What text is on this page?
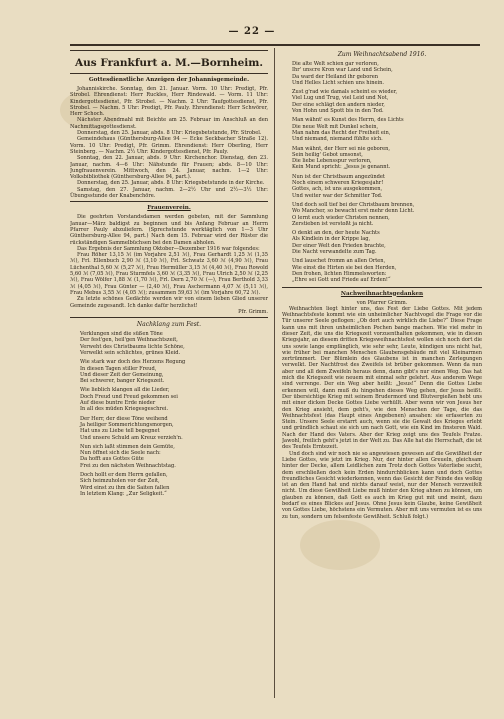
— 22 —
Aus Frankfurt a. M.—Bornheim.
Gottesdienstliche Anzeigen der Johannisgemeinde.

Johanniskirche. Sonntag, den 21. Januar. Vorm. 10 Uhr: Predigt, Pfr. Strobel. Ehrendienst: Herr Ruckles, Herr Rindewald. — Vorm. 11 Uhr: Kindergottesdienst, Pfr. Strobel. — Nachm. 2 Uhr: Taufgottesdienst, Pfr. Strobel. — Nachm. 5 Uhr: Predigt, Pfr. Pauly. Ehrendienst: Herr Schwörer, Herr Schoch.

Nächster Abendmahl mit Beichte am 25. Februar im Anschluß an den Nachmittagsgottesdienst.

Donnerstag, den 25. Januar, abds. 8 Uhr: Kriegsbetstunde, Pfr. Strobel.

Gemeindehaus (Günthersburg-Allee 94 — Ecke Seckbacher Straße 12). Vorm. 10 Uhr: Predigt, Pfr. Grimm. Ehrendienst: Herr Oberling, Herr Steinberg. — Nachm. 2½ Uhr: Kindergottesdienst, Pfr. Pauly.

Sonntag, den 22. Januar, abds. 9 Uhr: Kirchenchor. Dienstag, den 23. Januar, nachm. 4—6 Uhr: Nähstunde für Frauen; abds. 8—10 Uhr: Jungfrauenverein. Mittwoch, den 24. Januar, nachm. 1—2 Uhr: Volksbibliothek (Günthersburg-Allee 94, part.).

Donnerstag, den 25. Januar, abds. 8 Uhr: Kriegsbetstunde in der Kirche.

Samstag, den 27. Januar, nachm. 2—2½ Uhr und 2½—3½ Uhr: Übungsstunde der Knabenchöre.

Frauenverein.

Die geehrten Vorstandsdamen werden gebeten, mit der Sammlung Januar—März baldigst zu beginnen und bis Anfang Februar an Herrn Pfarrer Pauly abzuliefern. (Sprechstunde werktäglich von 1—3 Uhr Günthersburg-Allee 94, part.) Nach dem 15. Februar wird der Rüster die rückständigen Sammelbüchsen bei den Damen abholen.

Das Ergebnis der Sammlung Oktober—Dezember 1916 war folgendes:

Frau Röher 13,15 ℳ (im Vorjahre 2,51 ℳ), Frau Gerhardt 1,25 ℳ (1,35 ℳ), Frl. Ellenbuch 2,90 ℳ (3,10 ℳ), Frl. Schwatz 3,60 ℳ (4,90 ℳ), Frau Lüchenthal 5,60 ℳ (5,27 ℳ), Frau Hermüller 3,15 ℳ (4,40 ℳ), Frau Rowold 5,60 ℳ (7,05 ℳ), Frau Sturmfels 3,60 ℳ (3,35 ℳ), Frau Ulrich 2,50 ℳ (2,25 ℳ), Frau Wölfer 1,88 ℳ (1,70 ℳ), Frl. Dern 2,70 ℳ (—), Frau Berthold 3,33 ℳ (4,05 ℳ), Frau Günter — (2,40 ℳ), Frau Aschermann 4,07 ℳ (5,11 ℳ), Frau Mebus 3,55 ℳ (4,05 ℳ); zusammen 59,63 ℳ (im Vorjahre 60,72 ℳ).

Zu letzte schönes Gedächte werden wir von einem lieben Glied unserer Gemeinde zugesandt. Ich danke dafür herzlichst!

Pfr. Grimm.
Nachklang zum Fest.
Verklungen sind die süßen Töne
Der fest'gen, heil'gen Weihnachtszeit,
Verweht des Christbaums lichte Schöne,
Verwelkt sein schlichtes, grünes Kleid.
Wie stark war doch des Herzens Regung
In diesen Tagen stiller Freud,
Und dieser Zeit der Gemeinung,
Bei schwerer, banger Kriegszeit.
Wie lieblich klangen all die Lieder,
Doch Freud und Freud gekommen sei
Auf diese buntre Erde nieder
In all des müden Kriegesgeschrei.
Der Herr, der diese Töne weihend
Ja heiliger Sommerichtungsmorgen,
Hat uns zu Liebe tell begegnet
Und unsere Schuld am Kreuz verzieh'n.
Nun sich laßt stimmen dein Gemüte,
Nun öffnet sich die Seele nach:
Da hofft aus Gottes Güte
Frei zu den nächsten Weihnachtstag.
Doch hollt er dem Herrn gefallen,
Sich heimzuholen vor der Zeit,
Wird einst zu ihm die Saiten fallen
In letztem Klang: „Zur Seligkeit.“
Zum Weihnachtsabend 1916.
Die alte Welt schien gar verloren,
Ihr' unscre Kron war Land und Schein,
Da ward der Heiland ihr geboren
Und Helles Licht schien uns hinein.
Zust g'rad wie damals scheint es wieder,
Viel Lug und Trug, viel Leid und Not,
Der eine schlägt den andern nieder,
Von Hohn und Spott bis in den Tod.
Man wähnt' es Kunst des Herrn, des Lichts
Die neue Welt mit Dunkel schein,
Man nahm das Recht der Freiheit ein,
Und niemand, niemand fühlte sich.
Man wähnt, der Herr sei nie geboren,
Sein heilig' Gebot umsonst,
Die liebe Lebensspur verloren,
Kein Mund spricht: „Jesus je genannt.
Nun ist der Christbaum angezündet
Noch einem schweren Kriegesjahr!
Gottes, ach, ist uns ausgekommen,
Und weiter war der Schmitter Tod.
Und doch soll tief bei der Christbaum brennen,
Wo Mancher, so bewacht erst mehr denn Licht.
O lernt euch wieder Christen nennen,
Zerstieben ist verstoßt ja nicht.
O denkt an den, der heute Nachts
Als Kindlein in der Krippe lag,
Der einer Welt den Frieden brachte,
Die Nacht verwandelte zum Tag.
Und lauschet fromm an allen Orten,
Wie einst die Hirten sie bei den Herden,
Den frohen, lichten Himmelsworten:
„Ehre sei Gott und Friede auf Erden!“
Nachweihnachtsgedanken
von Pfarrer Grimm.

Weihnachten liegt hinter uns, das Fest der Liebe Gottes. Mit jedem Weihnachtsfeste kommt wie ein unheimlicher Nachtvogel die Frage vor die Tür unserer Seele geflogen: „Ob dort auch wirklich die Liebe?“ Diese Frage kann uns mit ihren unheimlichen Pochen bange machen. Wie viel mehr in dieser Zeit, die uns die Kriegszeit vorzuenthalten gekommen, wie in diesen Kriegsjahr, an diesem dritten Kriegsweihnachtsfest wollen sich noch dort die uns sowie lange empfänglich, wie sehr sehr, Leute, kündigen uns nicht hat, wie früher bei manchen Menschen Glaubensgebäude mit viel Kleinarmen zertrümmert. Der Blümlein des Glaubens ist in manchen Zerlegungen verwelkt. Der Nachtfrost des Zweifels ist brüber gekommen. Wenn da nun aber und all dem Zweifeln heraus denn, dann gibt's nur einen Weg. Das hat mich die Kriegszeit wie neuem mit einmal sehr gelehrt. Aus anderem Wege sind verrenge. Der ein Weg aber heißt: „Jesus!“ Denn die Gottes Liebe erkennen will, dann muß du hingehen dieses Weg gehen, der Jesus heißt. Der übersichtige Krieg mit seinem Brudermord und Blutvergießen hebt uns mit einer dicken Decke Gottes Liebe verhüllt. Aber wenn wir von Jesus her den Krieg ansieht, dem geht's, wie den Menschen der Tage, die das Weihnachtsfest (das Haupt eines Angebenen) ansahen: sie erfaserten zu Stein. Unsere Seele erstarrt auch, wenn sie die Gewalt des Krieges erlebt und gründlich schaut sie sich um nach Gott, wie ein Kind im finsteren Wald. Nach der Hand des Vaters. Aber der Krieg zeigt uns des Teufels Fratze. Jawohl, freilich geht's jetzt in der Welt zu. Das Alle hat die Herrschaft, die ist des Teufels Erntezeit.

Und doch sind wir noch nie so angewiesen gewesen auf die Gewißheit der Liebe Gottes, wie jetzt im Krieg. Nur, der hinter allen Greueln, gleichsam hinter der Decke, allem Leidlichen zum Trotz doch Gottes Vaterliebe sucht, dem erschließen doch kein Erden hindurchblicken kann und doch Gottes freundliches Gesicht wiederkennen, wenn das Gesicht der Feinde des wolkig ist an den Hand hat und nichts darauf weist, nur der Mensch verzweifelt nicht. Um diese Gewißheit Liebe muß hinter den Krieg ahnen zu können, um glauben zu können, daß Gott es auch im Krieg gut mit und meint, dazu bedarf es eines Blickes auf Jesus. Ohne Jesus kein Glaube, keine Gewißheit von Gottes Liebe, höchstens ein Vermuten. Aber mit uns vermuten ist es uns zu tun, sondern um felsenfeste Gewißheit. Schluß folgt.)
